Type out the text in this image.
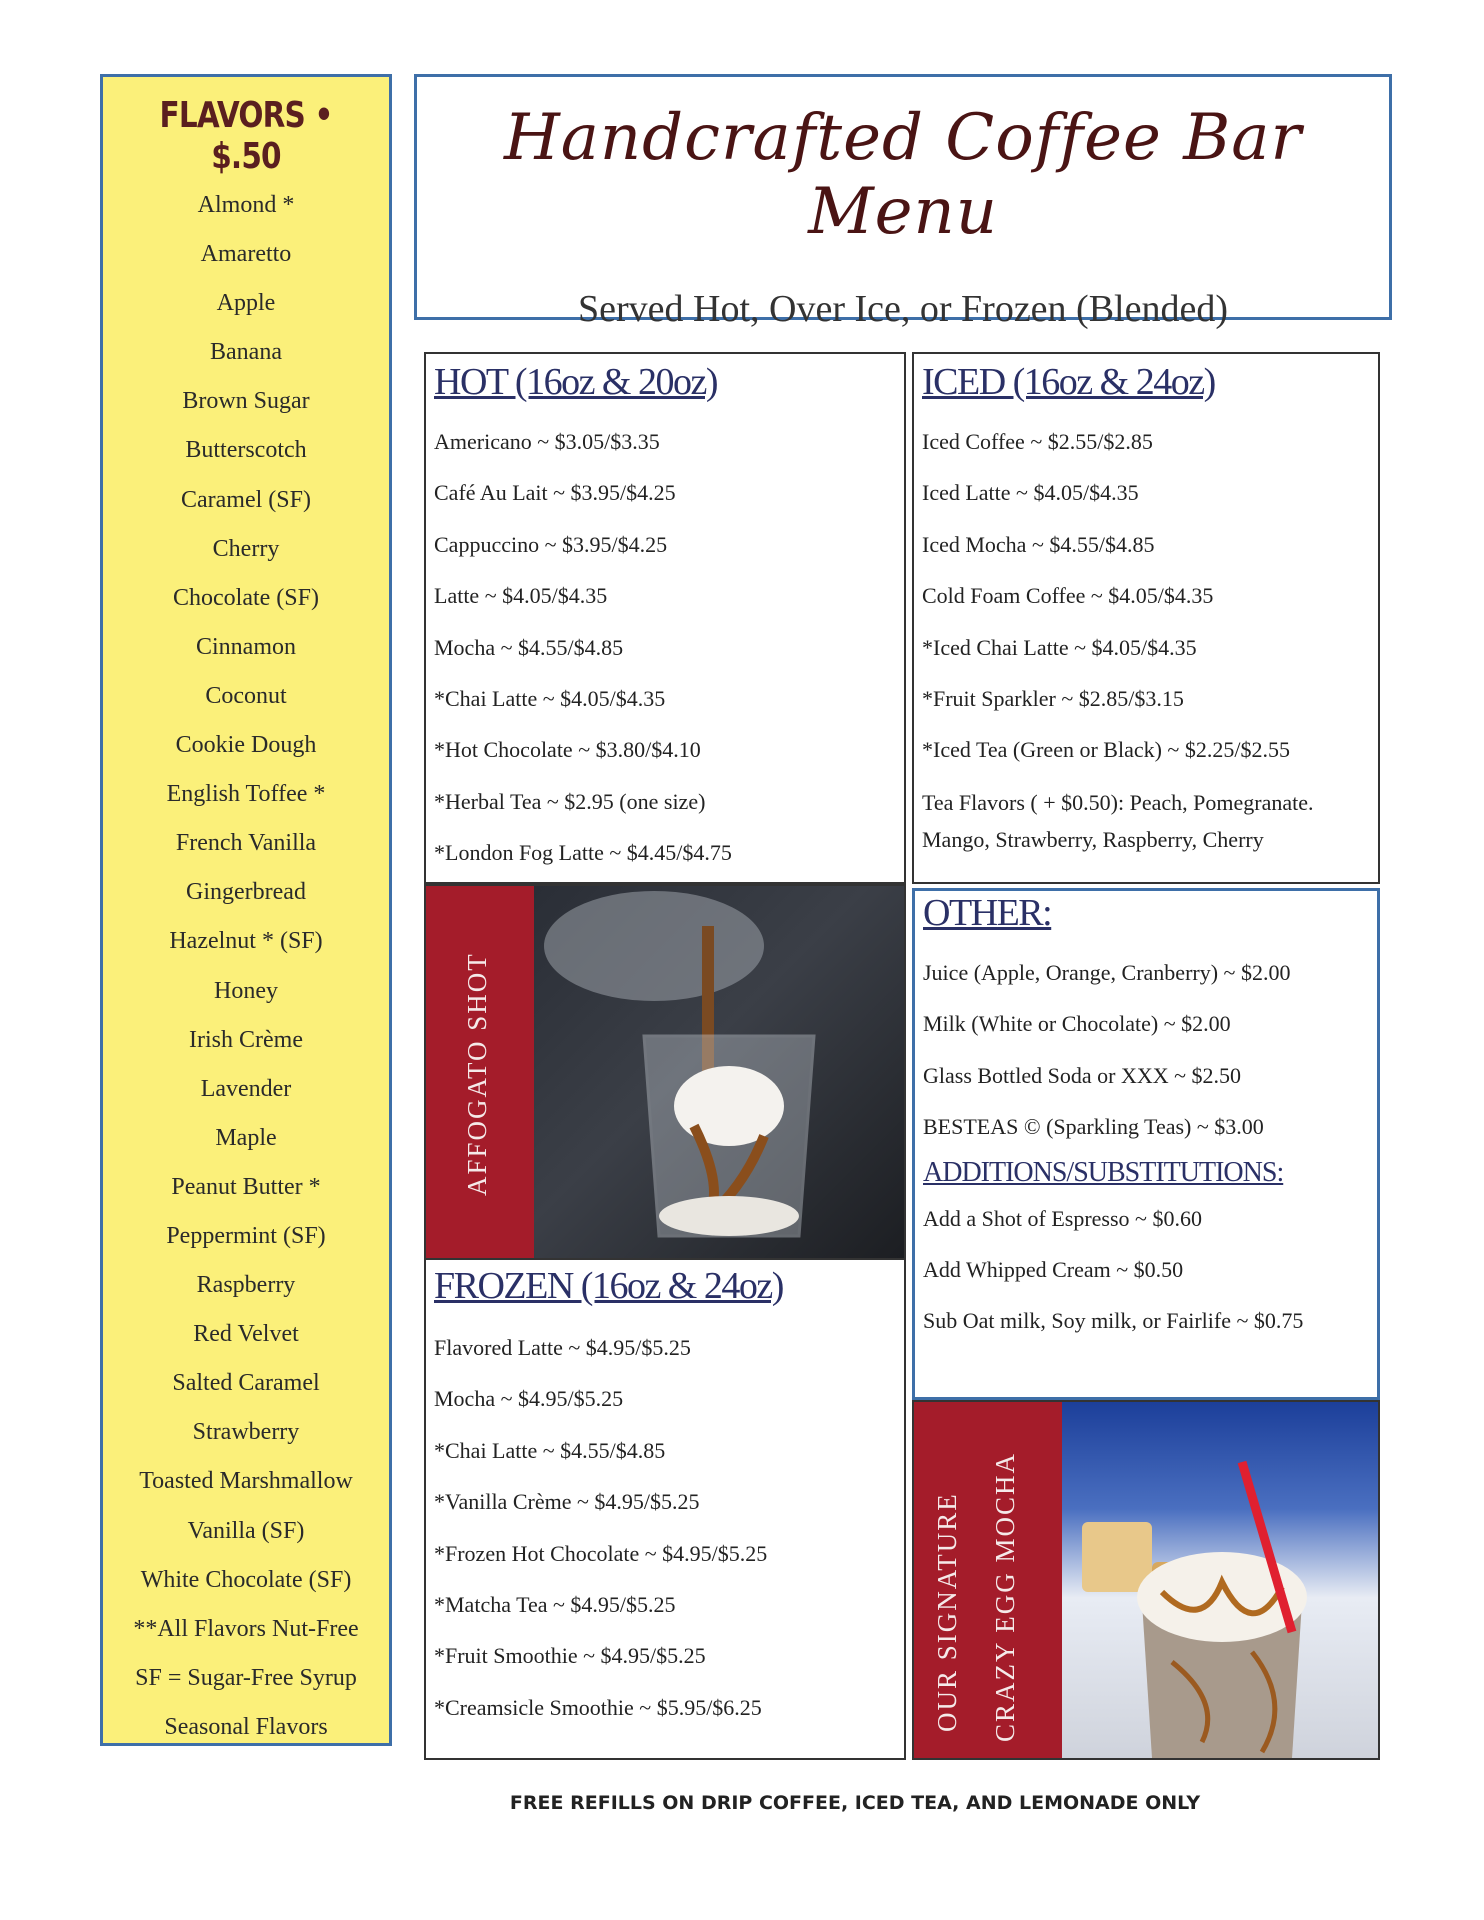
FLAVORS • $.50
Almond *
Amaretto
Apple
Banana
Brown Sugar
Butterscotch
Caramel (SF)
Cherry
Chocolate (SF)
Cinnamon
Coconut
Cookie Dough
English Toffee *
French Vanilla
Gingerbread
Hazelnut * (SF)
Honey
Irish Crème
Lavender
Maple
Peanut Butter *
Peppermint (SF)
Raspberry
Red Velvet
Salted Caramel
Strawberry
Toasted Marshmallow
Vanilla (SF)
White Chocolate (SF)
**All Flavors Nut-Free
SF = Sugar-Free Syrup
Seasonal Flavors
Handcrafted Coffee Bar Menu
Served Hot, Over Ice, or Frozen (Blended)
HOT (16oz & 20oz)
Americano ~ $3.05/$3.35
Café Au Lait ~ $3.95/$4.25
Cappuccino ~ $3.95/$4.25
Latte ~ $4.05/$4.35
Mocha ~ $4.55/$4.85
*Chai Latte ~ $4.05/$4.35
*Hot Chocolate ~ $3.80/$4.10
*Herbal Tea ~ $2.95 (one size)
*London Fog Latte ~ $4.45/$4.75
ICED (16oz & 24oz)
Iced Coffee ~ $2.55/$2.85
Iced Latte ~ $4.05/$4.35
Iced Mocha ~ $4.55/$4.85
Cold Foam Coffee ~ $4.05/$4.35
*Iced Chai Latte ~ $4.05/$4.35
*Fruit Sparkler ~ $2.85/$3.15
*Iced Tea (Green or Black) ~ $2.25/$2.55
Tea Flavors ( + $0.50): Peach, Pomegranate.
Mango, Strawberry, Raspberry, Cherry
AFFOGATO SHOT
FROZEN (16oz & 24oz)
Flavored Latte ~ $4.95/$5.25
Mocha ~ $4.95/$5.25
*Chai Latte ~ $4.55/$4.85
*Vanilla Crème ~ $4.95/$5.25
*Frozen Hot Chocolate ~ $4.95/$5.25
*Matcha Tea ~ $4.95/$5.25
*Fruit Smoothie ~ $4.95/$5.25
*Creamsicle Smoothie ~ $5.95/$6.25
OTHER:
Juice (Apple, Orange, Cranberry) ~ $2.00
Milk (White or Chocolate) ~ $2.00
Glass Bottled Soda or XXX ~ $2.50
BESTEAS © (Sparkling Teas) ~ $3.00
ADDITIONS/SUBSTITUTIONS:
Add a Shot of Espresso ~ $0.60
Add Whipped Cream ~ $0.50
Sub Oat milk, Soy milk, or Fairlife ~ $0.75
OUR SIGNATURE CRAZY EGG MOCHA
FREE REFILLS ON DRIP COFFEE, ICED TEA, AND LEMONADE ONLY
